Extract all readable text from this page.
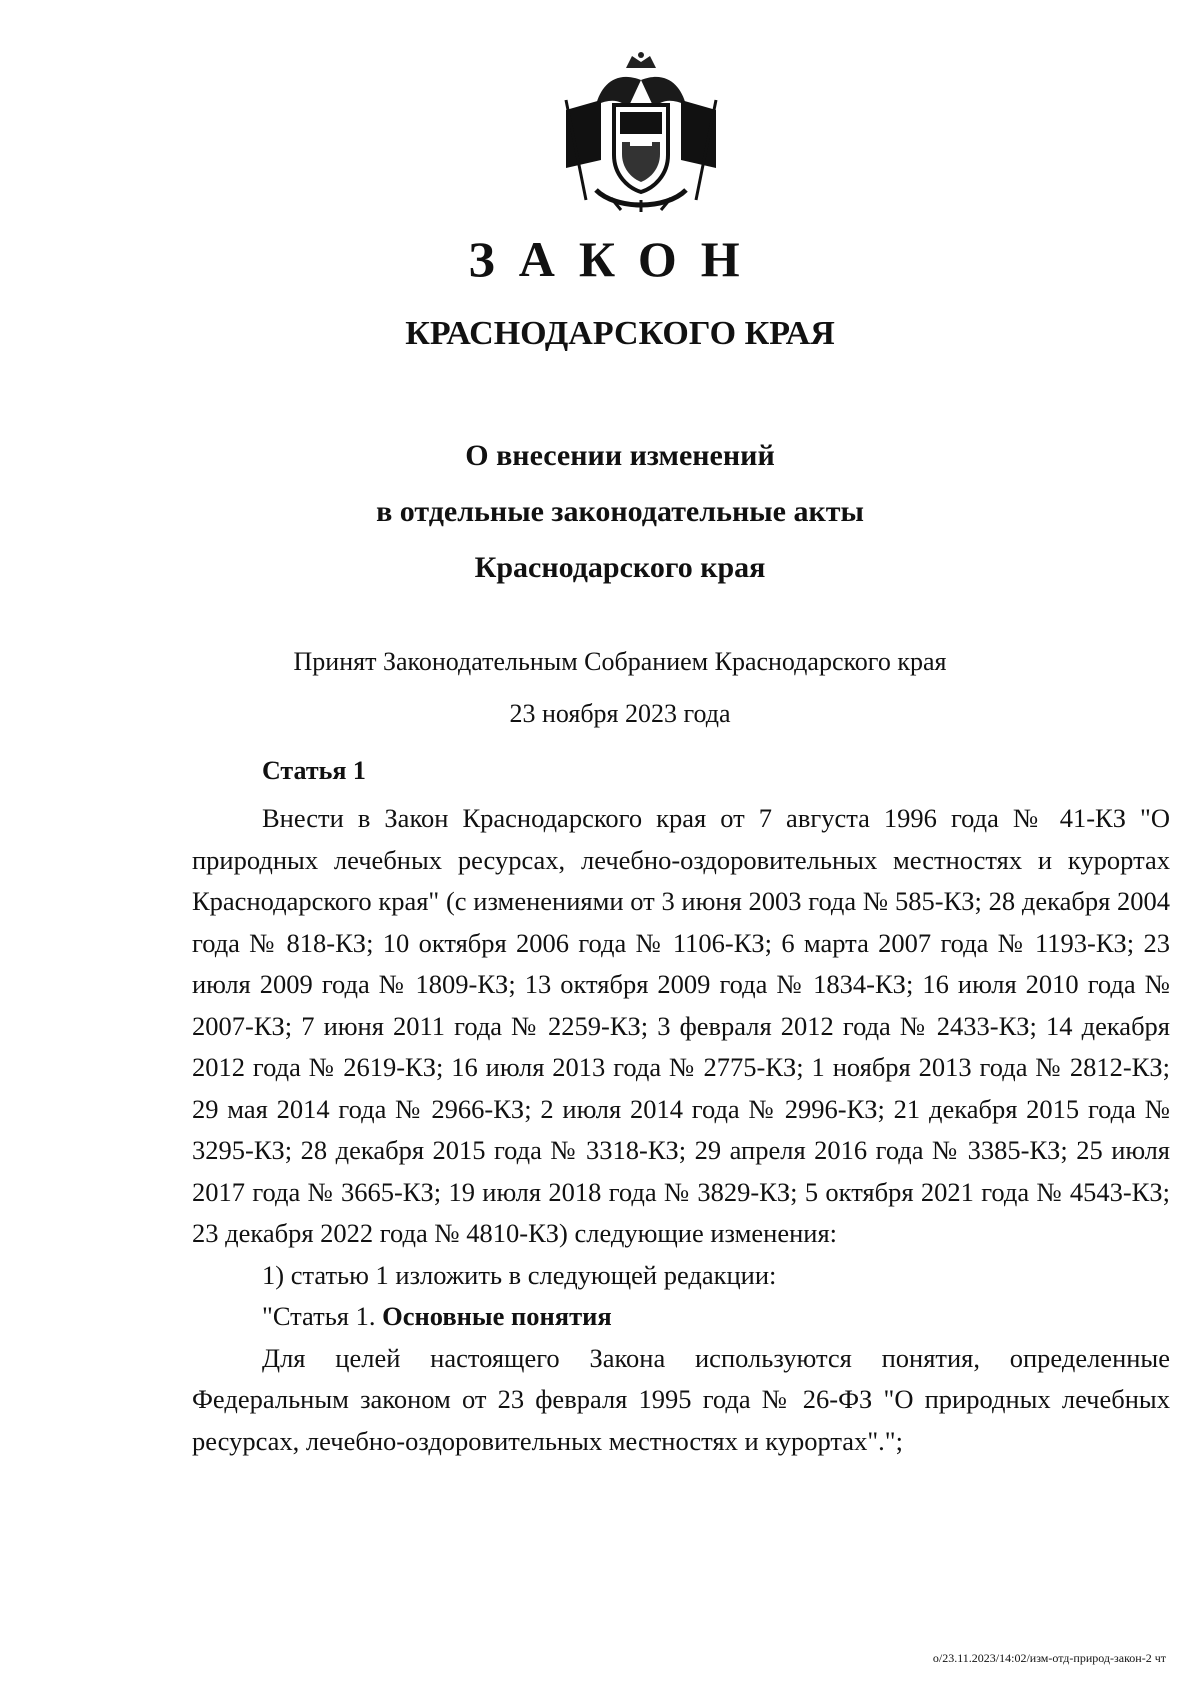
ЗАКОН
КРАСНОДАРСКОГО КРАЯ
О внесении изменений
в отдельные законодательные акты
Краснодарского края
Принят Законодательным Собранием Краснодарского края
23 ноября 2023 года
Статья 1

Внести в Закон Краснодарского края от 7 августа 1996 года № 41-КЗ "О природных лечебных ресурсах, лечебно-оздоровительных местностях и курортах Краснодарского края" (с изменениями от 3 июня 2003 года № 585-КЗ; 28 декабря 2004 года № 818-КЗ; 10 октября 2006 года № 1106-КЗ; 6 марта 2007 года № 1193-КЗ; 23 июля 2009 года № 1809-КЗ; 13 октября 2009 года № 1834-КЗ; 16 июля 2010 года № 2007-КЗ; 7 июня 2011 года № 2259-КЗ; 3 февраля 2012 года № 2433-КЗ; 14 декабря 2012 года № 2619-КЗ; 16 июля 2013 года № 2775-КЗ; 1 ноября 2013 года № 2812-КЗ; 29 мая 2014 года № 2966-КЗ; 2 июля 2014 года № 2996-КЗ; 21 декабря 2015 года № 3295-КЗ; 28 декабря 2015 года № 3318-КЗ; 29 апреля 2016 года № 3385-КЗ; 25 июля 2017 года № 3665-КЗ; 19 июля 2018 года № 3829-КЗ; 5 октября 2021 года № 4543-КЗ; 23 декабря 2022 года № 4810-КЗ) следующие изменения:

1) статью 1 изложить в следующей редакции:

"Статья 1. Основные понятия

Для целей настоящего Закона используются понятия, определенные Федеральным законом от 23 февраля 1995 года № 26-ФЗ "О природных лечебных ресурсах, лечебно-оздоровительных местностях и курортах".";

o/23.11.2023/14:02/изм-отд-природ-закон-2 чт
